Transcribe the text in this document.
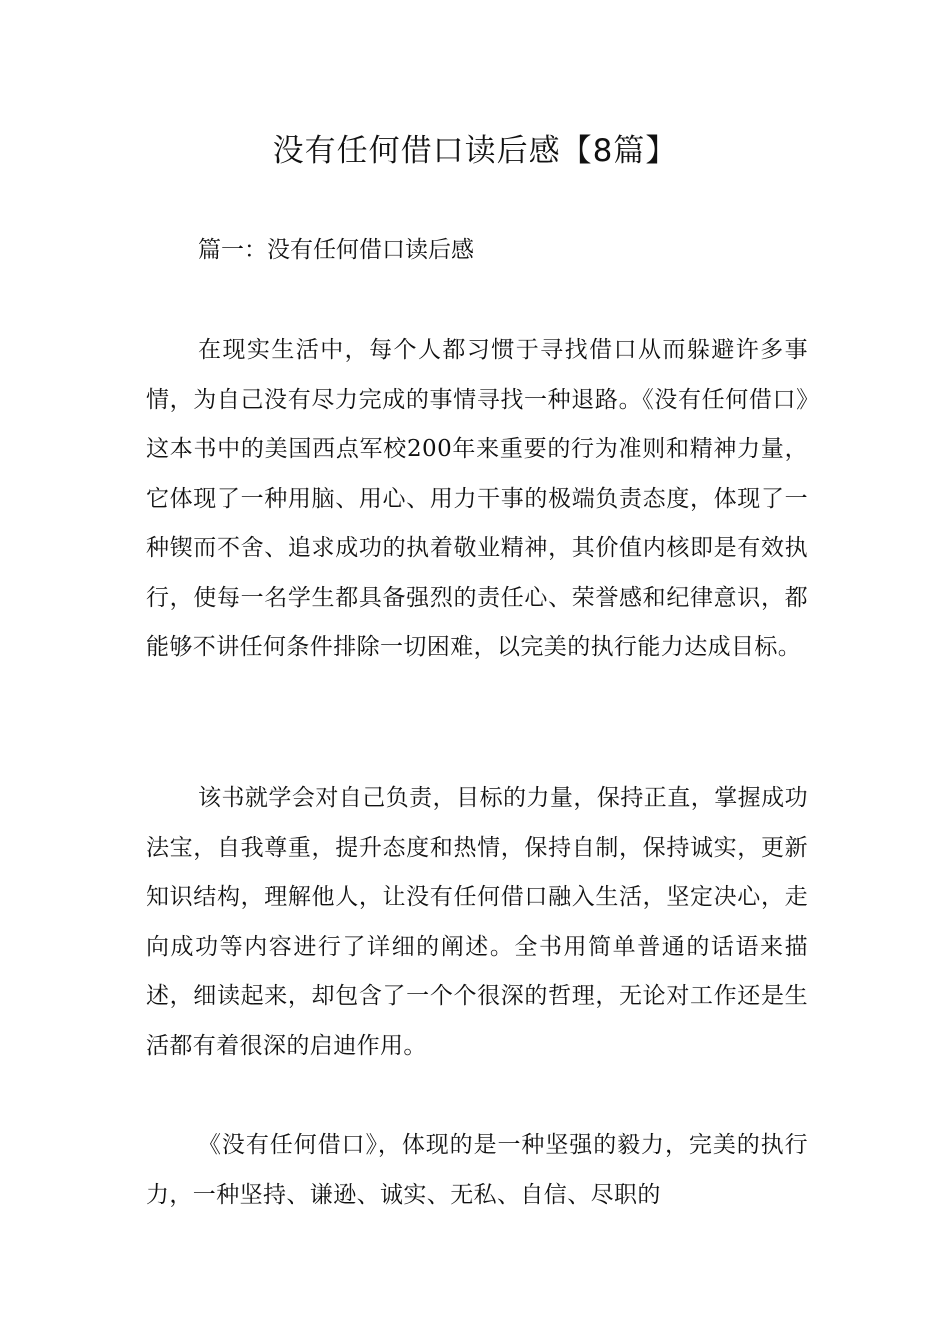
没有任何借口读后感【8篇】

篇一：没有任何借口读后感

在现实生活中，每个人都习惯于寻找借口从而躲避许多事情，为自己没有尽力完成的事情寻找一种退路。《没有任何借口》这本书中的美国西点军校200年来重要的行为准则和精神力量，它体现了一种用脑、用心、用力干事的极端负责态度，体现了一种锲而不舍、追求成功的执着敬业精神，其价值内核即是有效执行，使每一名学生都具备强烈的责任心、荣誉感和纪律意识，都能够不讲任何条件排除一切困难，以完美的执行能力达成目标。

该书就学会对自己负责，目标的力量，保持正直，掌握成功法宝，自我尊重，提升态度和热情，保持自制，保持诚实，更新知识结构，理解他人，让没有任何借口融入生活，坚定决心，走向成功等内容进行了详细的阐述。全书用简单普通的话语来描述，细读起来，却包含了一个个很深的哲理，无论对工作还是生活都有着很深的启迪作用。

《没有任何借口》，体现的是一种坚强的毅力，完美的执行力，一种坚持、谦逊、诚实、无私、自信、尽职的
